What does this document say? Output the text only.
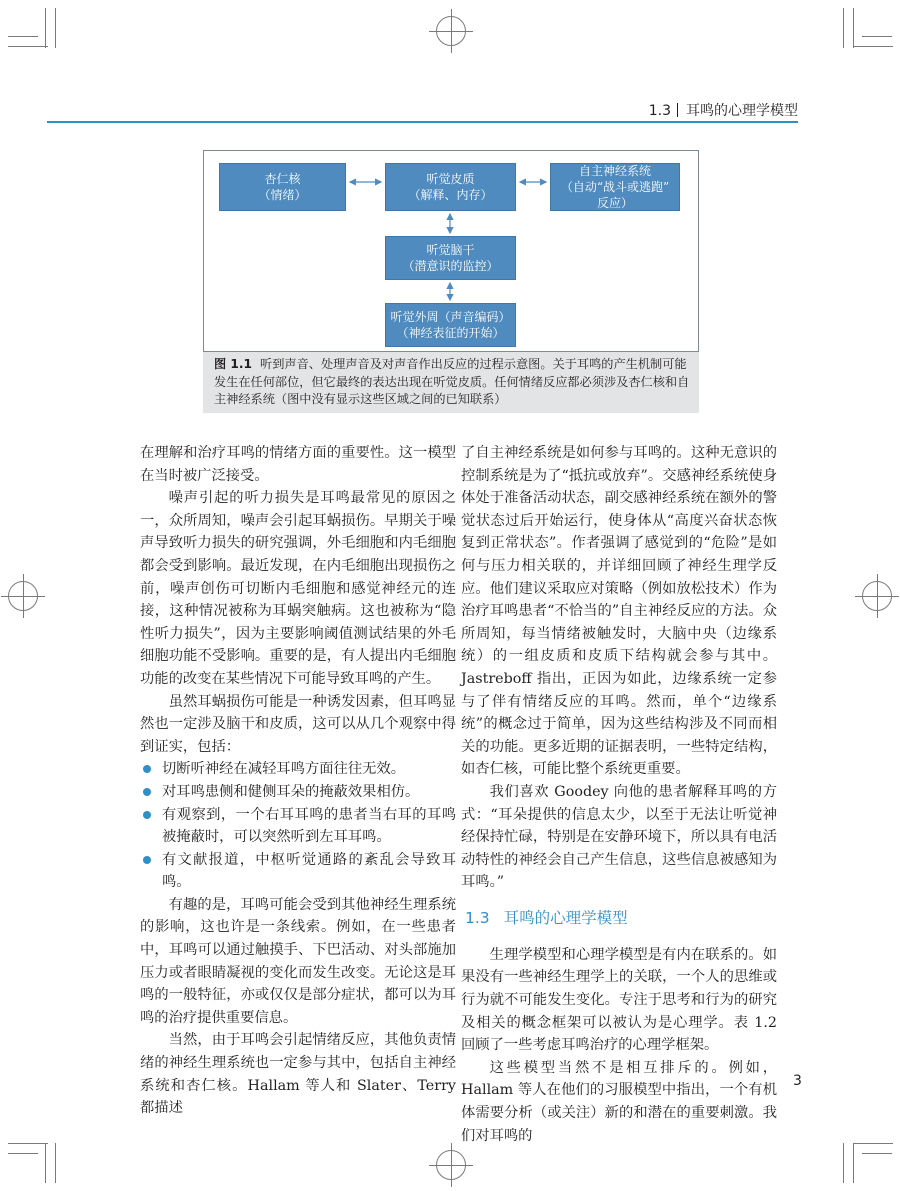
1.3 耳鸣的心理学模型
杏仁核
（情绪）
听觉皮质
（解释、内存）
自主神经系统
（自动“战斗或逃跑”
反应）
听觉脑干
（潜意识的监控）
听觉外周（声音编码）
（神经表征的开始）
图 1.1 听到声音、处理声音及对声音作出反应的过程示意图。关于耳鸣的产生机制可能发生在任何部位，但它最终的表达出现在听觉皮质。任何情绪反应都必须涉及杏仁核和自主神经系统（图中没有显示这些区域之间的已知联系）

在理解和治疗耳鸣的情绪方面的重要性。这一模型在当时被广泛接受。

噪声引起的听力损失是耳鸣最常见的原因之一，众所周知，噪声会引起耳蜗损伤。早期关于噪声导致听力损失的研究强调，外毛细胞和内毛细胞都会受到影响。最近发现，在内毛细胞出现损伤之前，噪声创伤可切断内毛细胞和感觉神经元的连接，这种情况被称为耳蜗突触病。这也被称为“隐性听力损失”，因为主要影响阈值测试结果的外毛细胞功能不受影响。重要的是，有人提出内毛细胞功能的改变在某些情况下可能导致耳鸣的产生。

虽然耳蜗损伤可能是一种诱发因素，但耳鸣显然也一定涉及脑干和皮质，这可以从几个观察中得到证实，包括：

切断听神经在减轻耳鸣方面往往无效。

对耳鸣患侧和健侧耳朵的掩蔽效果相仿。

有观察到，一个右耳耳鸣的患者当右耳的耳鸣被掩蔽时，可以突然听到左耳耳鸣。

有文献报道，中枢听觉通路的紊乱会导致耳鸣。

有趣的是，耳鸣可能会受到其他神经生理系统的影响，这也许是一条线索。例如，在一些患者中，耳鸣可以通过触摸手、下巴活动、对头部施加压力或者眼睛凝视的变化而发生改变。无论这是耳鸣的一般特征，亦或仅仅是部分症状，都可以为耳鸣的治疗提供重要信息。

当然，由于耳鸣会引起情绪反应，其他负责情绪的神经生理系统也一定参与其中，包括自主神经系统和杏仁核。Hallam 等人和 Slater、Terry 都描述

了自主神经系统是如何参与耳鸣的。这种无意识的控制系统是为了“抵抗或放弃”。交感神经系统使身体处于准备活动状态，副交感神经系统在额外的警觉状态过后开始运行，使身体从“高度兴奋状态恢复到正常状态”。作者强调了感觉到的“危险”是如何与压力相关联的，并详细回顾了神经生理学反应。他们建议采取应对策略（例如放松技术）作为治疗耳鸣患者“不恰当的”自主神经反应的方法。众所周知，每当情绪被触发时，大脑中央（边缘系统）的一组皮质和皮质下结构就会参与其中。Jastreboff 指出，正因为如此，边缘系统一定参与了伴有情绪反应的耳鸣。然而，单个“边缘系统”的概念过于简单，因为这些结构涉及不同而相关的功能。更多近期的证据表明，一些特定结构，如杏仁核，可能比整个系统更重要。

我们喜欢 Goodey 向他的患者解释耳鸣的方式：“耳朵提供的信息太少，以至于无法让听觉神经保持忙碌，特别是在安静环境下，所以具有电活动特性的神经会自己产生信息，这些信息被感知为耳鸣。”

1.3 耳鸣的心理学模型

生理学模型和心理学模型是有内在联系的。如果没有一些神经生理学上的关联，一个人的思维或行为就不可能发生变化。专注于思考和行为的研究及相关的概念框架可以被认为是心理学。表 1.2 回顾了一些考虑耳鸣治疗的心理学框架。

这些模型当然不是相互排斥的。例如，Hallam 等人在他们的习服模型中指出，一个有机体需要分析（或关注）新的和潜在的重要刺激。我们对耳鸣的

3
